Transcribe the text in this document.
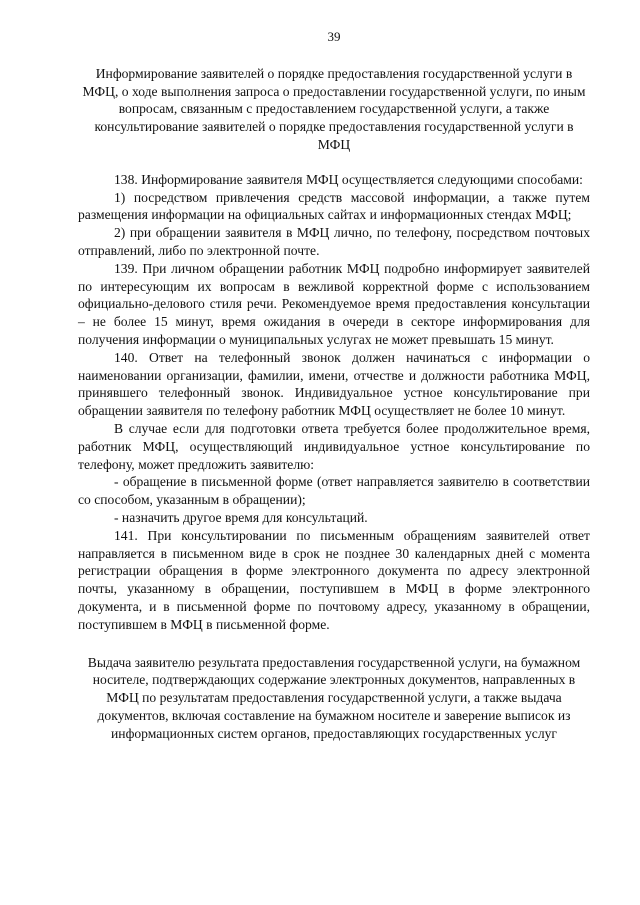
39

Информирование заявителей о порядке предоставления государственной услуги в МФЦ, о ходе выполнения запроса о предоставлении государственной услуги, по иным вопросам, связанным с предоставлением государственной услуги, а также консультирование заявителей о порядке предоставления государственной услуги в МФЦ

138. Информирование заявителя МФЦ осуществляется следующими способами:

1) посредством привлечения средств массовой информации, а также путем размещения информации на официальных сайтах и информационных стендах МФЦ;

2) при обращении заявителя в МФЦ лично, по телефону, посредством почтовых отправлений, либо по электронной почте.

139. При личном обращении работник МФЦ подробно информирует заявителей по интересующим их вопросам в вежливой корректной форме с использованием официально-делового стиля речи. Рекомендуемое время предоставления консультации – не более 15 минут, время ожидания в очереди в секторе информирования для получения информации о муниципальных услугах не может превышать 15 минут.

140. Ответ на телефонный звонок должен начинаться с информации о наименовании организации, фамилии, имени, отчестве и должности работника МФЦ, принявшего телефонный звонок. Индивидуальное устное консультирование при обращении заявителя по телефону работник МФЦ осуществляет не более 10 минут.

В случае если для подготовки ответа требуется более продолжительное время, работник МФЦ, осуществляющий индивидуальное устное консультирование по телефону, может предложить заявителю:

- обращение в письменной форме (ответ направляется заявителю в соответствии со способом, указанным в обращении);

- назначить другое время для консультаций.

141. При консультировании по письменным обращениям заявителей ответ направляется в письменном виде в срок не позднее 30 календарных дней с момента регистрации обращения в форме электронного документа по адресу электронной почты, указанному в обращении, поступившем в МФЦ в форме электронного документа, и в письменной форме по почтовому адресу, указанному в обращении, поступившем в МФЦ в письменной форме.

Выдача заявителю результата предоставления государственной услуги, на бумажном носителе, подтверждающих содержание электронных документов, направленных в МФЦ по результатам предоставления государственной услуги, а также выдача документов, включая составление на бумажном носителе и заверение выписок из информационных систем органов, предоставляющих государственных услуг
